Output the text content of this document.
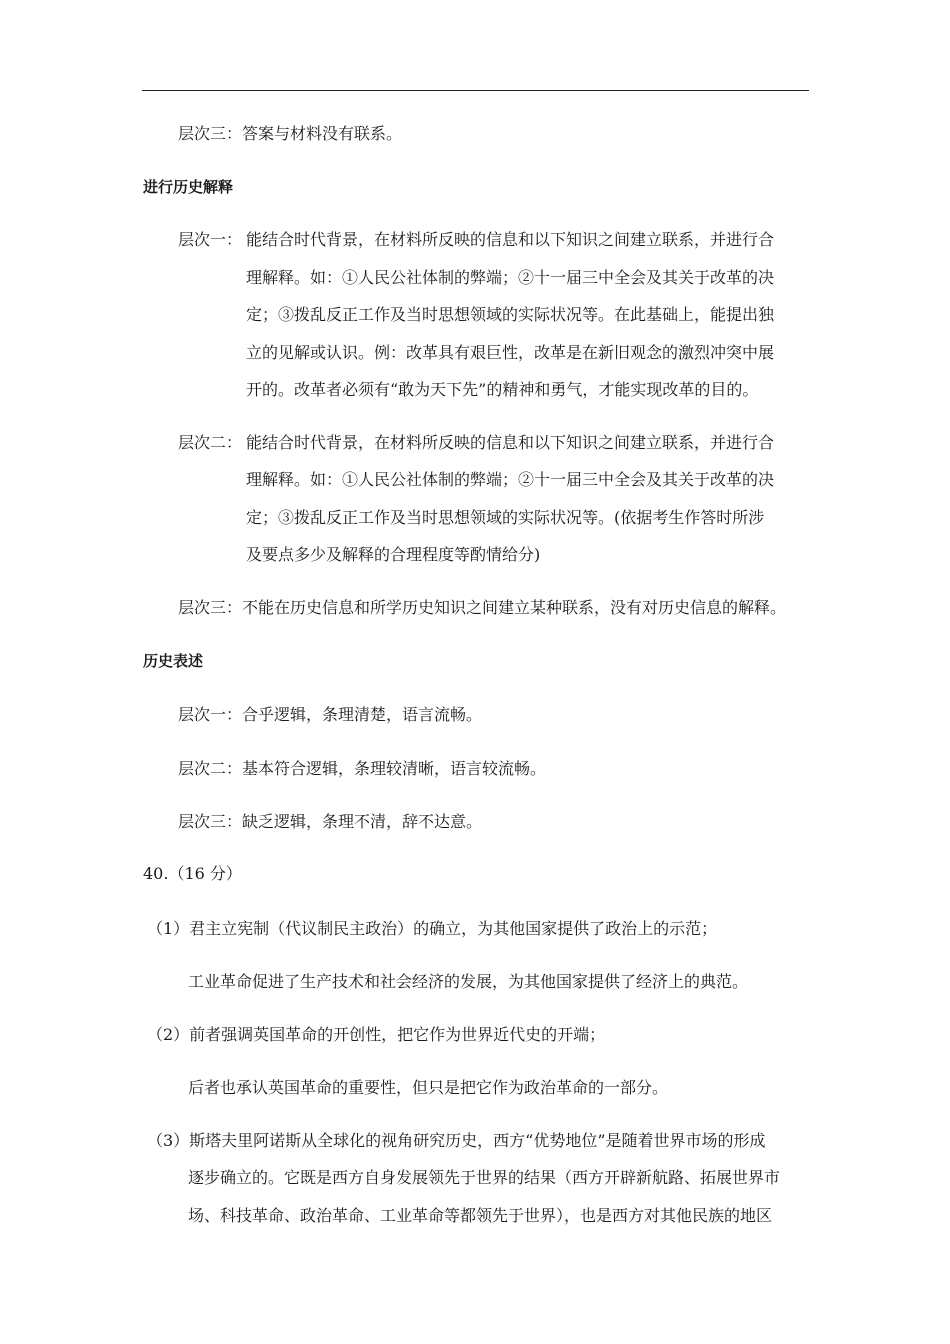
层次三：答案与材料没有联系。
进行历史解释
层次一： 能结合时代背景，在材料所反映的信息和以下知识之间建立联系，并进行合
理解释。如：①人民公社体制的弊端；②十一届三中全会及其关于改革的决
定；③拨乱反正工作及当时思想领域的实际状况等。在此基础上，能提出独
立的见解或认识。例：改革具有艰巨性，改革是在新旧观念的激烈冲突中展
开的。改革者必须有“敢为天下先”的精神和勇气，才能实现改革的目的。
层次二： 能结合时代背景，在材料所反映的信息和以下知识之间建立联系，并进行合
理解释。如：①人民公社体制的弊端；②十一届三中全会及其关于改革的决
定；③拨乱反正工作及当时思想领域的实际状况等。(依据考生作答时所涉
及要点多少及解释的合理程度等酌情给分)
层次三：不能在历史信息和所学历史知识之间建立某种联系，没有对历史信息的解释。
历史表述
层次一：合乎逻辑，条理清楚，语言流畅。
层次二：基本符合逻辑，条理较清晰，语言较流畅。
层次三：缺乏逻辑，条理不清，辞不达意。
40.（16 分）
（1）君主立宪制（代议制民主政治）的确立，为其他国家提供了政治上的示范；
工业革命促进了生产技术和社会经济的发展，为其他国家提供了经济上的典范。
（2）前者强调英国革命的开创性，把它作为世界近代史的开端；
后者也承认英国革命的重要性，但只是把它作为政治革命的一部分。
（3）斯塔夫里阿诺斯从全球化的视角研究历史，西方“优势地位”是随着世界市场的形成
逐步确立的。它既是西方自身发展领先于世界的结果（西方开辟新航路、拓展世界市
场、科技革命、政治革命、工业革命等都领先于世界），也是西方对其他民族的地区
